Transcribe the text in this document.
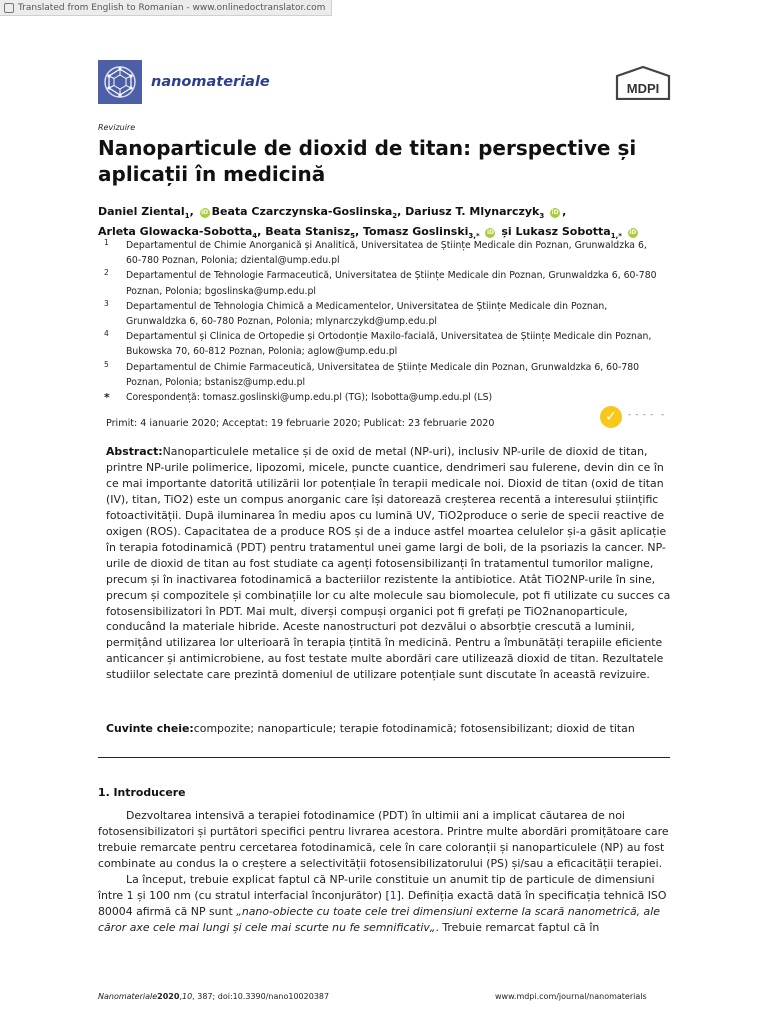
Translated from English to Romanian - www.onlinedoctranslator.com
nanomateriale	MDPI
Revizuire
Nanoparticule de dioxid de titan: perspective și aplicații în medicină
Daniel Ziental$_1$, iD Beata Czarczynska-Goslinska$_2$, Dariusz T. Mlynarczyk$_3$ iD ,
Arleta Glowacka-Sobotta$_4$, Beata Stanisz$_5$, Tomasz Goslinski$_{3,*}$ iD și Lukasz Sobotta$_{1,*}$ iD
1 Departamentul de Chimie Anorganică și Analitică, Universitatea de Științe Medicale din Poznan, Grunwaldzka 6, 60-780 Poznan, Polonia; dziental@ump.edu.pl
2 Departamentul de Tehnologie Farmaceutică, Universitatea de Științe Medicale din Poznan, Grunwaldzka 6, 60-780 Poznan, Polonia; bgoslinska@ump.edu.pl
3 Departamentul de Tehnologia Chimică a Medicamentelor, Universitatea de Științe Medicale din Poznan, Grunwaldzka 6, 60-780 Poznan, Polonia; mlynarczykd@ump.edu.pl
4 Departamentul și Clinica de Ortopedie și Ortodonție Maxilo-facială, Universitatea de Științe Medicale din Poznan, Bukowska 70, 60-812 Poznan, Polonia; aglow@ump.edu.pl
5 Departamentul de Chimie Farmaceutică, Universitatea de Științe Medicale din Poznan, Grunwaldzka 6, 60-780 Poznan, Polonia; bstanisz@ump.edu.pl
* Corespondență: tomasz.goslinski@ump.edu.pl (TG); lsobotta@ump.edu.pl (LS)
Primit: 4 ianuarie 2020; Acceptat: 19 februarie 2020; Publicat: 23 februarie 2020	✓	- - - -  -

Abstract:Nanoparticulele metalice și de oxid de metal (NP-uri), inclusiv NP-urile de dioxid de titan, printre NP-urile polimerice, lipozomi, micele, puncte cuantice, dendrimeri sau fulerene, devin din ce în ce mai importante datorită utilizării lor potențiale în terapii medicale noi. Dioxid de titan (oxid de titan (IV), titan, TiO2) este un compus anorganic care își datorează creșterea recentă a interesului științific fotoactivității. După iluminarea în mediu apos cu lumină UV, TiO2produce o serie de specii reactive de oxigen (ROS). Capacitatea de a produce ROS și de a induce astfel moartea celulelor și-a găsit aplicație în terapia fotodinamică (PDT) pentru tratamentul unei game largi de boli, de la psoriazis la cancer. NP-urile de dioxid de titan au fost studiate ca agenți fotosensibilizanți în tratamentul tumorilor maligne, precum și în inactivarea fotodinamică a bacteriilor rezistente la antibiotice. Atât TiO2NP-urile în sine, precum și compozitele și combinațiile lor cu alte molecule sau biomolecule, pot fi utilizate cu succes ca fotosensibilizatori în PDT. Mai mult, diverși compuși organici pot fi grefați pe TiO2nanoparticule, conducând la materiale hibride. Aceste nanostructuri pot dezvălui o absorbție crescută a luminii, permițând utilizarea lor ulterioară în terapia țintită în medicină. Pentru a îmbunătăți terapiile eficiente anticancer și antimicrobiene, au fost testate multe abordări care utilizează dioxid de titan. Rezultatele studiilor selectate care prezintă domeniul de utilizare potențiale sunt discutate în această revizuire.

Cuvinte cheie:compozite; nanoparticule; terapie fotodinamică; fotosensibilizant; dioxid de titan

1. Introducere

Dezvoltarea intensivă a terapiei fotodinamice (PDT) în ultimii ani a implicat căutarea de noi fotosensibilizatori și purtători specifici pentru livrarea acestora. Printre multe abordări promițătoare care trebuie remarcate pentru cercetarea fotodinamică, cele în care coloranții și nanoparticulele (NP) au fost combinate au condus la o creștere a selectivității fotosensibilizatorului (PS) și/sau a eficacității terapiei.

La început, trebuie explicat faptul că NP-urile constituie un anumit tip de particule de dimensiuni între 1 și 100 nm (cu stratul interfacial înconjurător) [1]. Definiția exactă dată în specificația tehnică ISO 80004 afirmă că NP sunt „nano-obiecte cu toate cele trei dimensiuni externe la scară nanometrică, ale căror axe cele mai lungi și cele mai scurte nu fe semnificativ„. Trebuie remarcat faptul că în

Nanomateriale2020,10, 387; doi:10.3390/nano10020387	www.mdpi.com/journal/nanomaterials
